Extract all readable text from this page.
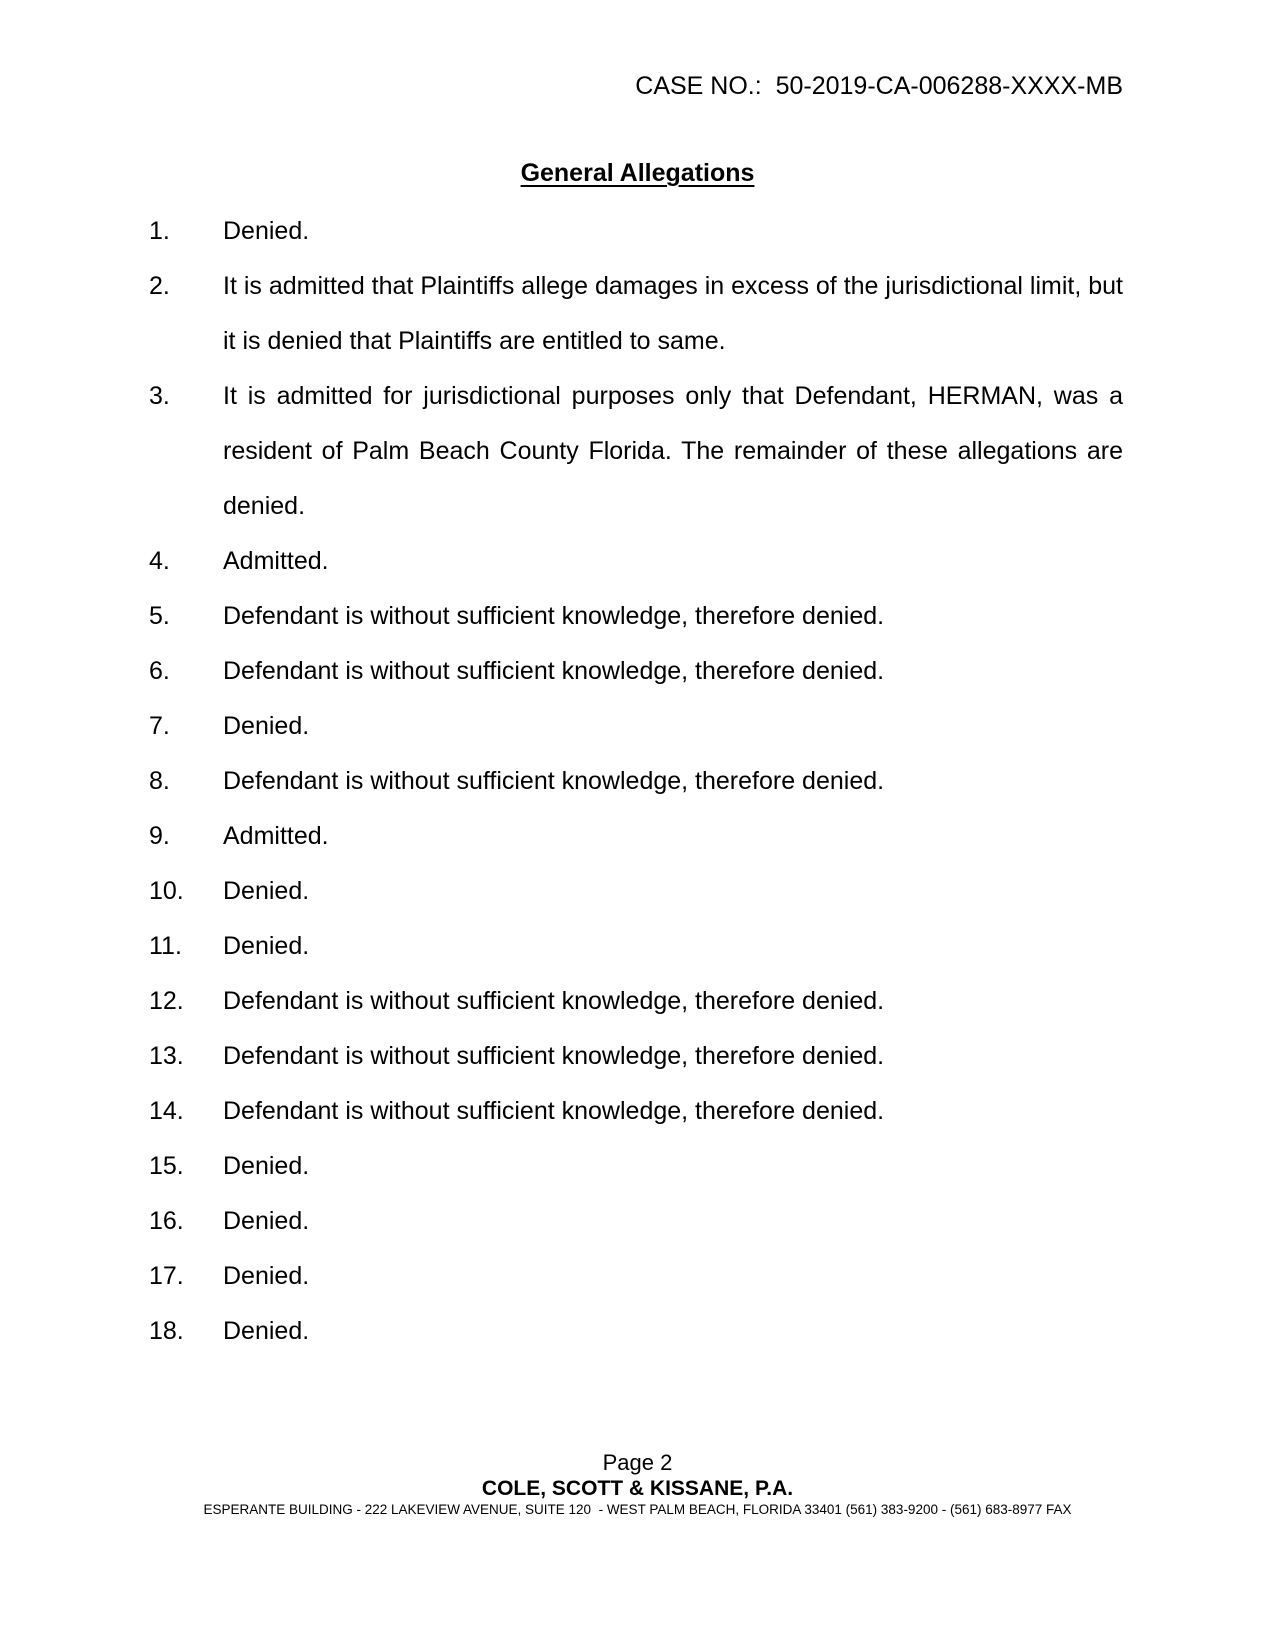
CASE NO.:  50-2019-CA-006288-XXXX-MB
General Allegations
1. Denied.
2. It is admitted that Plaintiffs allege damages in excess of the jurisdictional limit, but it is denied that Plaintiffs are entitled to same.
3. It is admitted for jurisdictional purposes only that Defendant, HERMAN, was a resident of Palm Beach County Florida. The remainder of these allegations are denied.
4. Admitted.
5. Defendant is without sufficient knowledge, therefore denied.
6. Defendant is without sufficient knowledge, therefore denied.
7. Denied.
8. Defendant is without sufficient knowledge, therefore denied.
9. Admitted.
10. Denied.
11. Denied.
12. Defendant is without sufficient knowledge, therefore denied.
13. Defendant is without sufficient knowledge, therefore denied.
14. Defendant is without sufficient knowledge, therefore denied.
15. Denied.
16. Denied.
17. Denied.
18. Denied.
Page 2
COLE, SCOTT & KISSANE, P.A.
ESPERANTE BUILDING - 222 LAKEVIEW AVENUE, SUITE 120  - WEST PALM BEACH, FLORIDA 33401 (561) 383-9200 - (561) 683-8977 FAX
